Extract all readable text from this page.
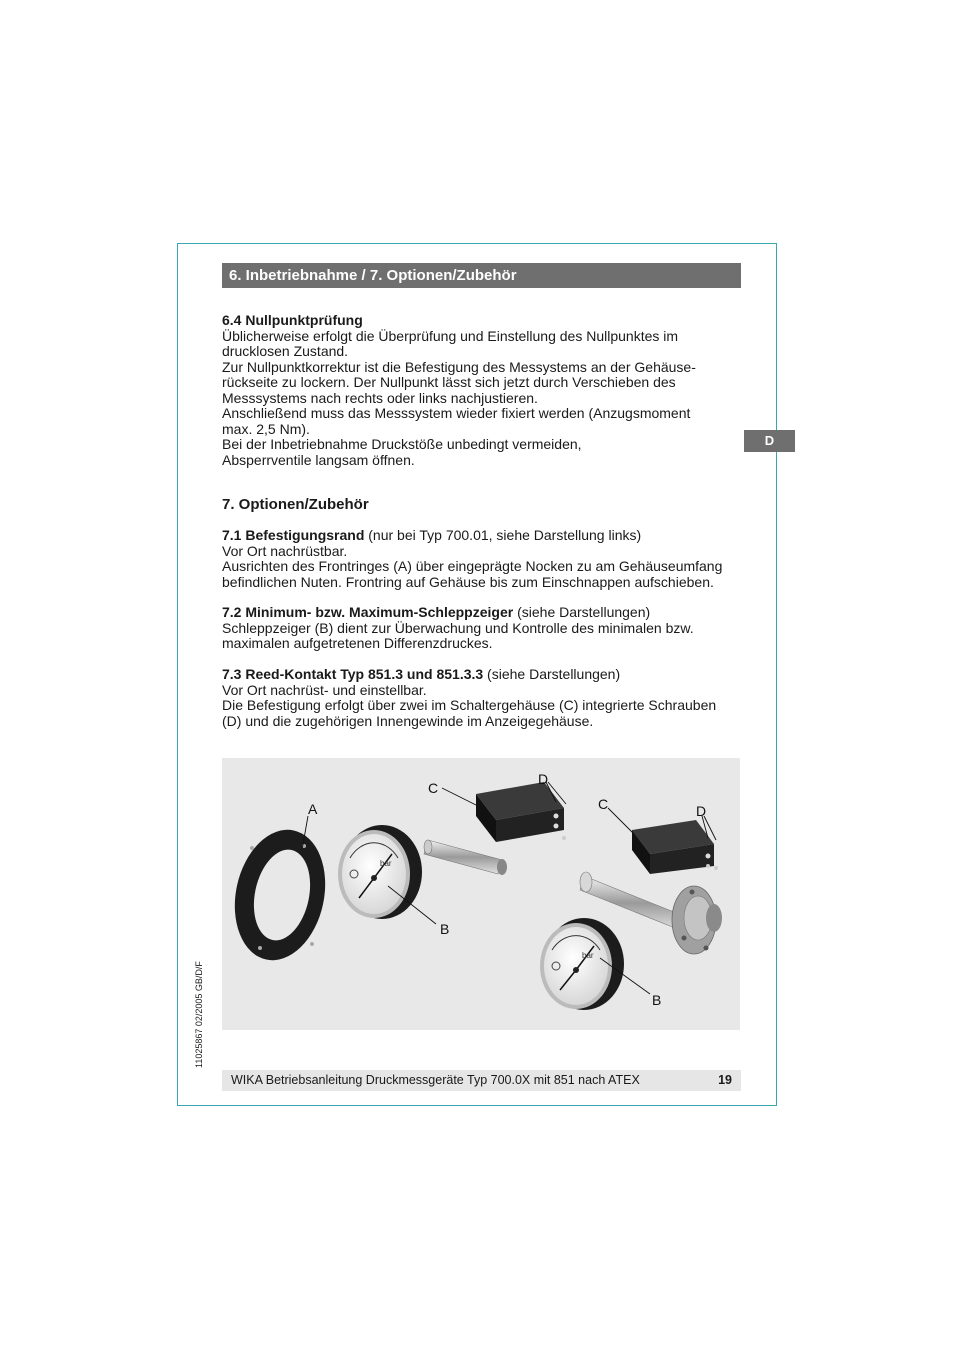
6. Inbetriebnahme / 7. Optionen/Zubehör
D

6.4 Nullpunktprüfung

Üblicherweise erfolgt die Überprüfung und Einstellung des Nullpunktes im

drucklosen Zustand.

Zur Nullpunktkorrektur ist die Befestigung des Messystems an der Gehäuse-

rückseite zu lockern. Der Nullpunkt lässt sich jetzt durch Verschieben des

Messsystems nach rechts oder links nachjustieren.

Anschließend muss das Messsystem wieder fixiert werden (Anzugsmoment

max. 2,5 Nm).

Bei der Inbetriebnahme Druckstöße unbedingt vermeiden,

Absperrventile langsam öffnen.

7. Optionen/Zubehör

7.1 Befestigungsrand (nur bei Typ 700.01, siehe Darstellung links)

Vor Ort nachrüstbar.

Ausrichten des Frontringes (A) über eingeprägte Nocken zu am Gehäuseumfang

befindlichen Nuten. Frontring auf Gehäuse bis zum Einschnappen aufschieben.

7.2 Minimum- bzw. Maximum-Schleppzeiger (siehe Darstellungen)

Schleppzeiger (B) dient zur Überwachung und Kontrolle des minimalen bzw.

maximalen aufgetretenen Differenzdruckes.

7.3 Reed-Kontakt Typ 851.3 und 851.3.3 (siehe Darstellungen)

Vor Ort nachrüst- und einstellbar.

Die Befestigung erfolgt über zwei im Schaltergehäuse (C) integrierte Schrauben

(D) und die zugehörigen Innengewinde im Anzeigegehäuse.

bar
bar
A
C
D
C	D
B
B
11025867 02/2005 GB/D/F
WIKA Betriebsanleitung Druckmessgeräte Typ 700.0X mit 851 nach ATEX	19
